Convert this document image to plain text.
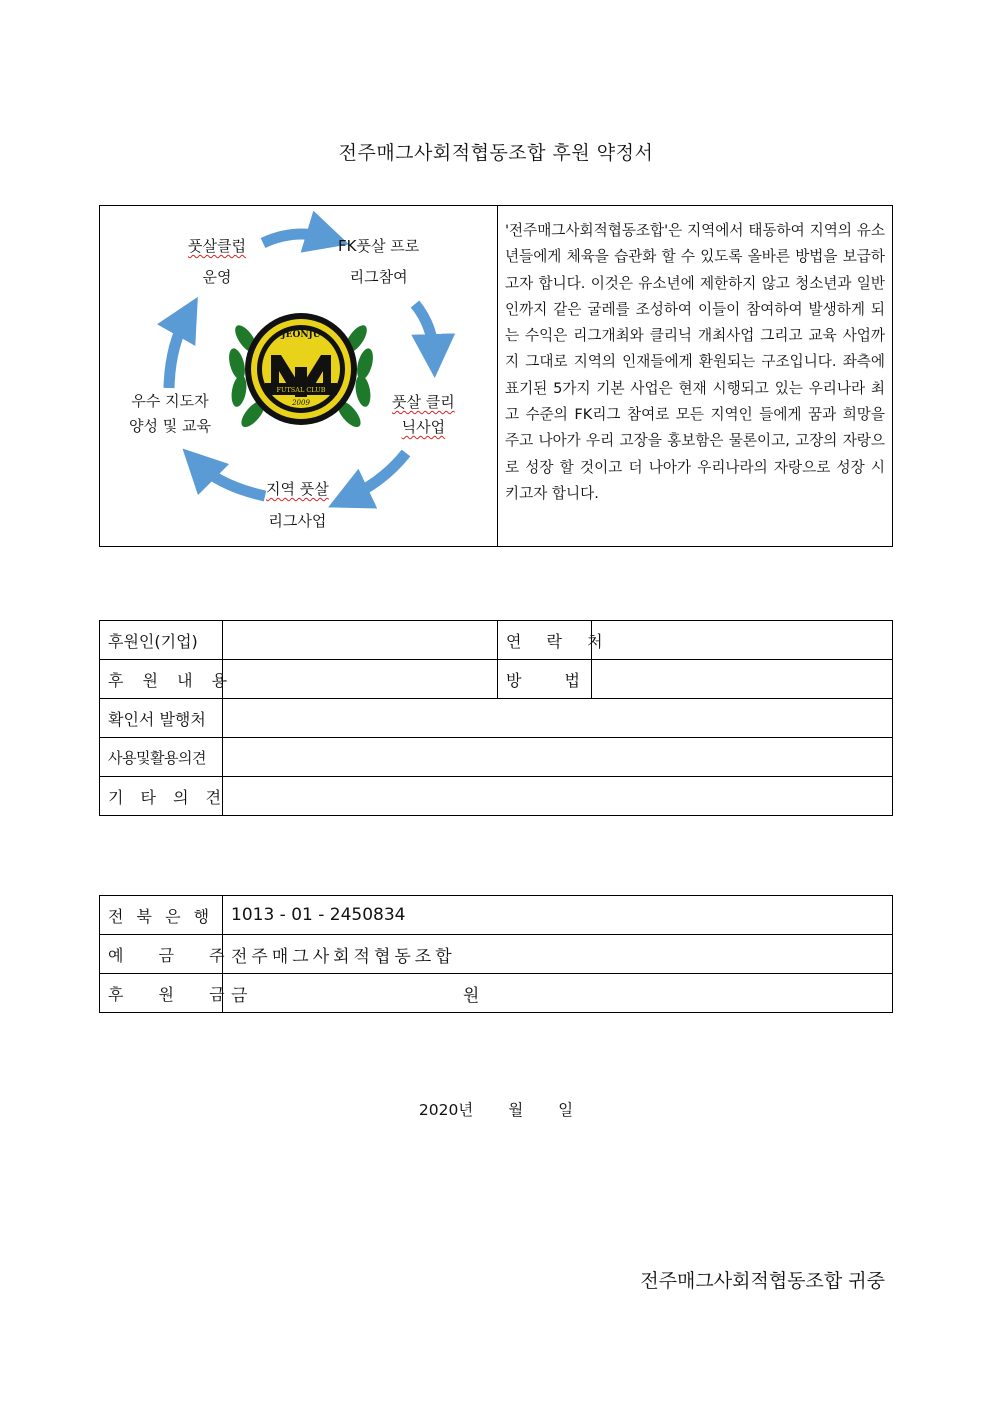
전주매그사회적협동조합 후원 약정서
JEONJU
FUTSAL CLUB
2009
풋살클럽
운영
FK풋살 프로
리그참여
풋살 클리
닉사업
지역 풋살
리그사업
우수 지도자
양성 및 교육
'전주매그사회적협동조합'은 지역에서 태동하여 지역의 유소년들에게 체육을 습관화 할 수 있도록 올바른 방법을 보급하고자 합니다. 이것은 유소년에 제한하지 않고 청소년과 일반인까지 같은 굴레를 조성하여 이들이 참여하여 발생하게 되는 수익은 리그개최와 클리닉 개최사업 그리고 교육 사업까지 그대로 지역의 인재들에게 환원되는 구조입니다. 좌측에 표기된 5가지 기본 사업은 현재 시행되고 있는 우리나라 최고 수준의 FK리그 참여로 모든 지역인 들에게 꿈과 희망을 주고 나아가 우리 고장을 홍보함은 물론이고, 고장의 자랑으로 성장 할 것이고 더 나아가 우리나라의 자랑으로 성장 시키고자 합니다.
후원인(기업)		연 락 처	
후 원 내 용		방 법	
확인서 발행처			
사용및활용의견			
기 타 의 견			
전 북 은 행	1013 - 01 - 2450834
예 금 주	전주매그사회적협동조합
후 원 금	금 원
2020년 월 일
전주매그사회적협동조합 귀중
